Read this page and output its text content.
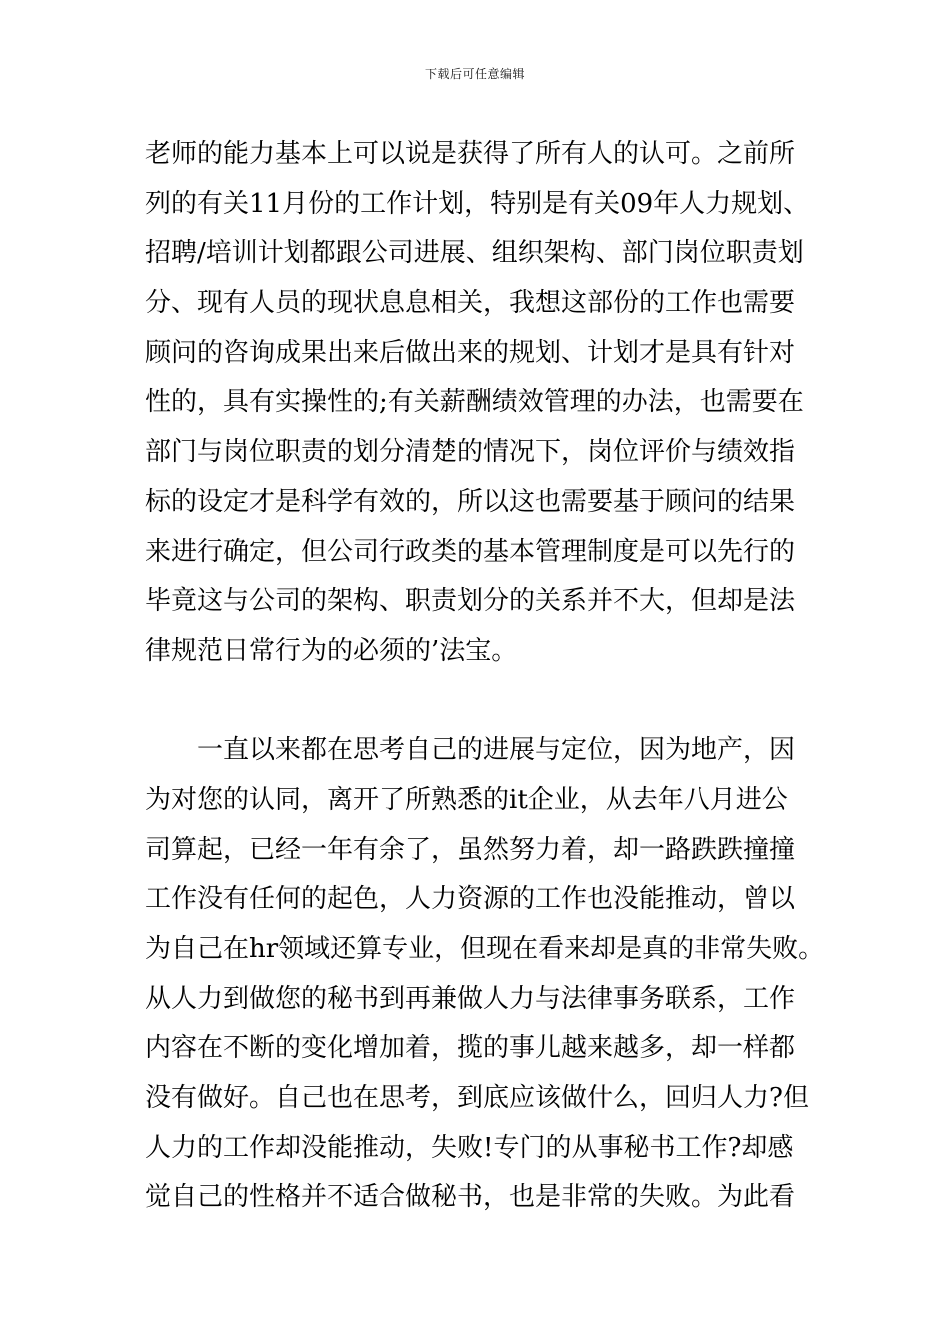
下载后可任意编辑
老师的能力基本上可以说是获得了所有人的认可。之前所
列的有关11月份的工作计划，特别是有关09年人力规划、
招聘/培训计划都跟公司进展、组织架构、部门岗位职责划
分、现有人员的现状息息相关，我想这部份的工作也需要
顾问的咨询成果出来后做出来的规划、计划才是具有针对
性的，具有实操性的;有关薪酬绩效管理的办法，也需要在
部门与岗位职责的划分清楚的情况下，岗位评价与绩效指
标的设定才是科学有效的，所以这也需要基于顾问的结果
来进行确定，但公司行政类的基本管理制度是可以先行的
毕竟这与公司的架构、职责划分的关系并不大，但却是法
律规范日常行为的必须的’法宝。
　　一直以来都在思考自己的进展与定位，因为地产，因
为对您的认同，离开了所熟悉的it企业，从去年八月进公
司算起，已经一年有余了，虽然努力着，却一路跌跌撞撞
工作没有任何的起色，人力资源的工作也没能推动，曾以
为自己在hr领域还算专业，但现在看来却是真的非常失败。
从人力到做您的秘书到再兼做人力与法律事务联系，工作
内容在不断的变化增加着，揽的事儿越来越多，却一样都
没有做好。自己也在思考，到底应该做什么，回归人力?但
人力的工作却没能推动，失败!专门的从事秘书工作?却感
觉自己的性格并不适合做秘书，也是非常的失败。为此看
